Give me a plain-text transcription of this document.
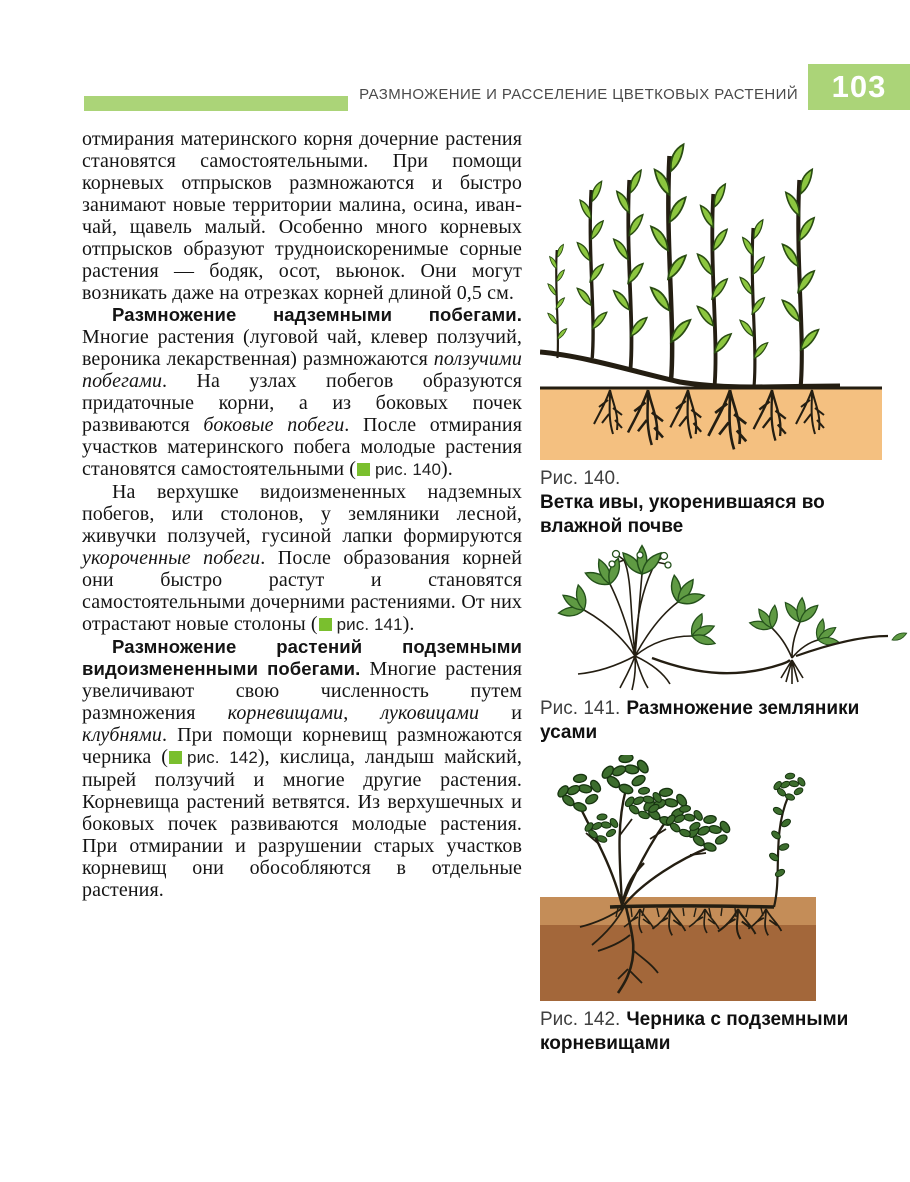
РАЗМНОЖЕНИЕ И РАССЕЛЕНИЕ ЦВЕТКОВЫХ РАСТЕНИЙ	103

отмирания материнского корня дочерние растения становятся самостоятельными. При помощи корневых отпрысков размножаются и быстро занимают новые территории малина, осина, иван-чай, щавель малый. Особенно много корневых отпрысков образуют трудноискоренимые сорные растения — бодяк, осот, вьюнок. Они могут возникать даже на отрезках корней длиной 0,5 см.

Размножение надземными побегами. Многие растения (луговой чай, клевер ползучий, вероника лекарственная) размножаются ползучими побегами. На узлах побегов образуются придаточные корни, а из боковых почек развиваются боковые побеги. После отмирания участков материнского побега молодые растения становятся самостоятельными ( рис. 140).

На верхушке видоизмененных надземных побегов, или столонов, у земляники лесной, живучки ползучей, гусиной лапки формируются укороченные побеги. После образования корней они быстро растут и становятся самостоятельными дочерними растениями. От них отрастают новые столоны ( рис. 141).

Размножение растений подземными видоизмененными побегами. Многие растения увеличивают свою численность путем размножения корневищами, луковицами и клубнями. При помощи корневищ размножаются черника ( рис. 142), кислица, ландыш майский, пырей ползучий и многие другие растения. Корневища растений ветвятся. Из верхушечных и боковых почек развиваются молодые растения. При отмирании и разрушении старых участков корневищ они обособляются в отдельные растения.

Рис. 140.
Ветка ивы, укоренившаяся во влажной почве
Рис. 141. Размножение земляники усами
Рис. 142. Черника с подземными корневищами
